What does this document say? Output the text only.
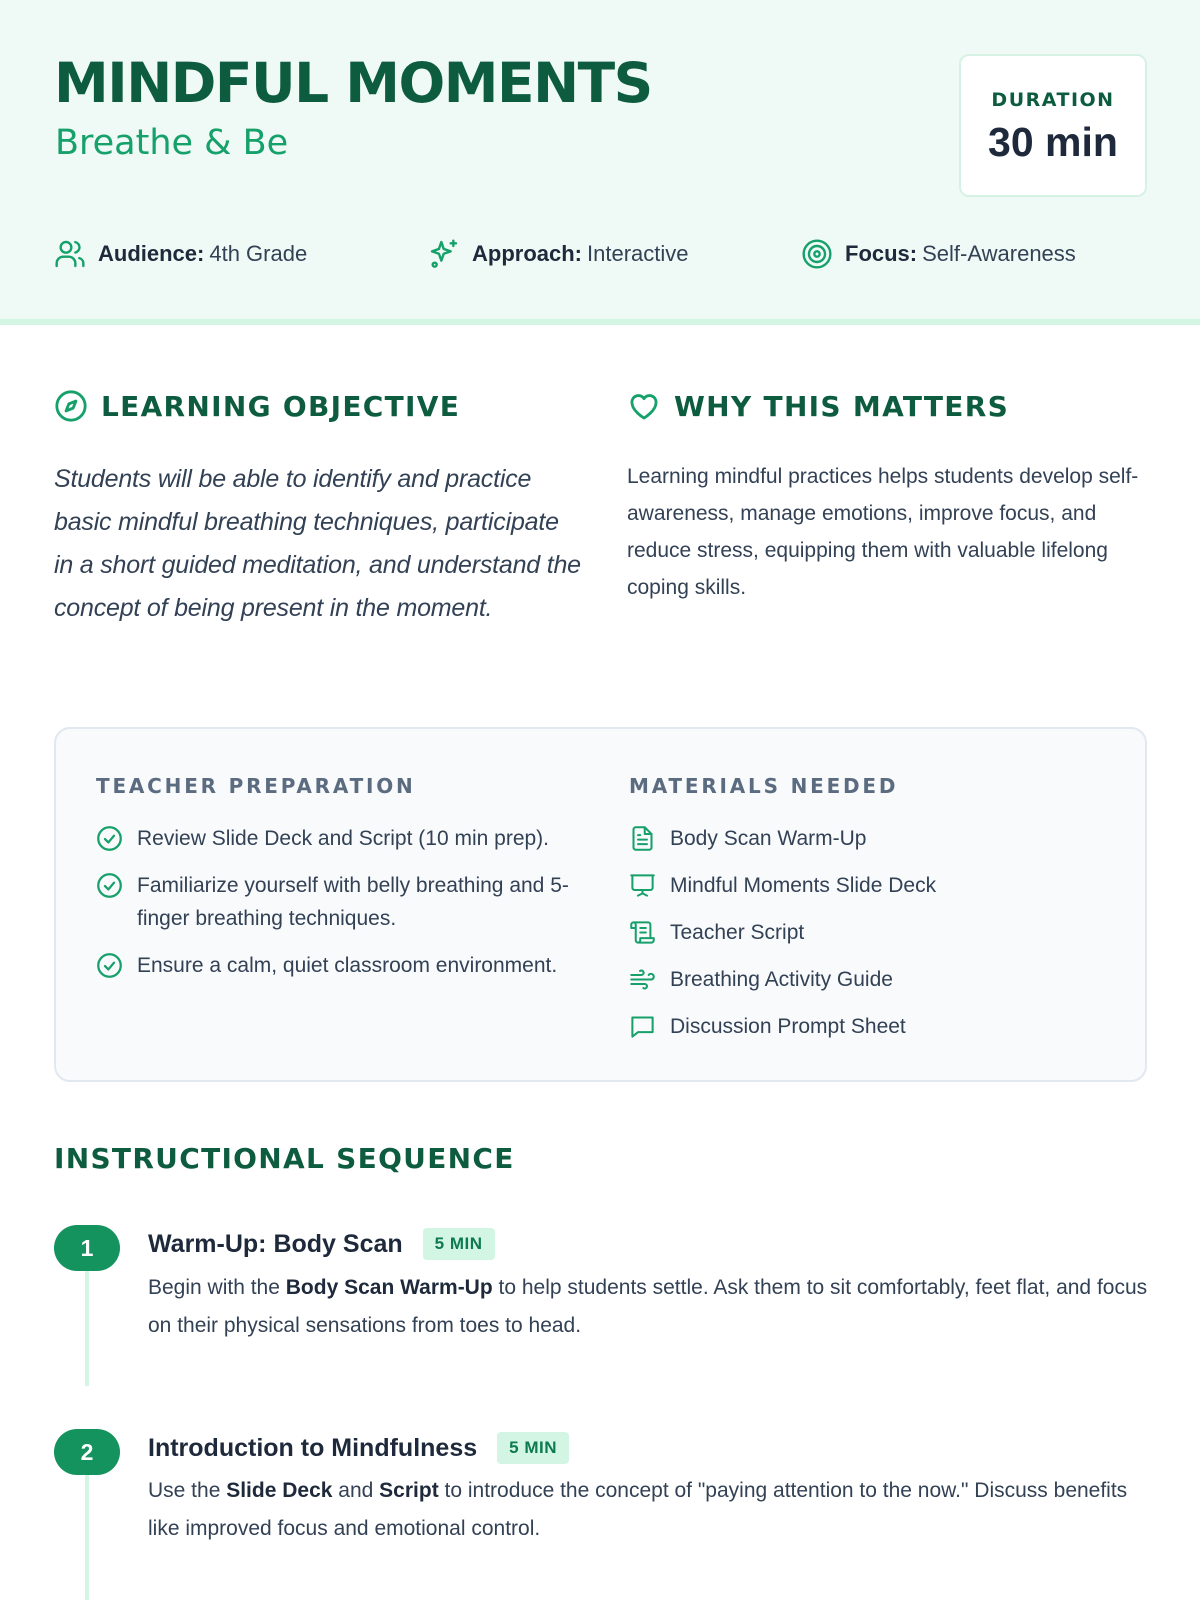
MINDFUL MOMENTS
Breathe & Be
DURATION
30 min
Audience: 4th Grade	Approach: Interactive	Focus: Self-Awareness
LEARNING OBJECTIVE

Students will be able to identify and practice basic mindful breathing techniques, participate in a short guided meditation, and understand the concept of being present in the moment.

WHY THIS MATTERS

Learning mindful practices helps students develop self-awareness, manage emotions, improve focus, and reduce stress, equipping them with valuable lifelong coping skills.

TEACHER PREPARATION
Review Slide Deck and Script (10 min prep).
Familiarize yourself with belly breathing and 5-finger breathing techniques.
Ensure a calm, quiet classroom environment.
MATERIALS NEEDED
Body Scan Warm-Up
Mindful Moments Slide Deck
Teacher Script
Breathing Activity Guide
Discussion Prompt Sheet
INSTRUCTIONAL SEQUENCE
1	Warm-Up: Body Scan	5 MIN

Begin with the Body Scan Warm-Up to help students settle. Ask them to sit comfortably, feet flat, and focus on their physical sensations from toes to head.

2	Introduction to Mindfulness	5 MIN

Use the Slide Deck and Script to introduce the concept of "paying attention to the now." Discuss benefits like improved focus and emotional control.
